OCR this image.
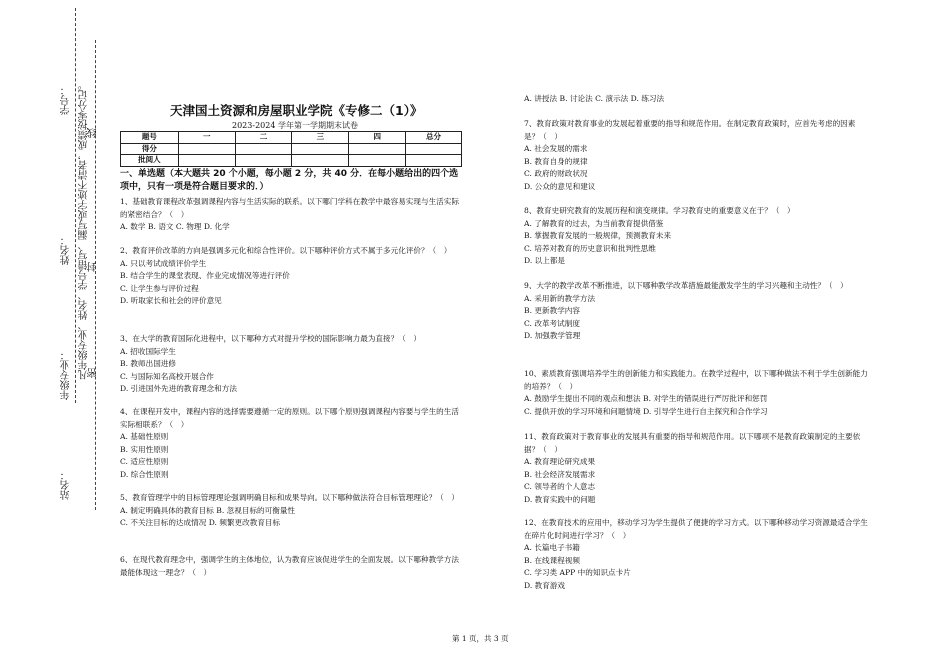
学号：
姓名：
年级专业：
站名：
凡年级专业、姓名、学号错写、漏写或字迹不清者，成绩按零分记。
线
封
密
天津国土资源和房屋职业学院《专修二（1）》
2023-2024 学年第一学期期末试卷
题号	一	二	三	四	总分
得分					
批阅人					
一、单选题（本大题共 20 个小题，每小题 2 分，共 40 分．在每小题给出的四个选项中，只有一项是符合题目要求的．）

1、基础教育课程改革强调课程内容与生活实际的联系。以下哪门学科在教学中最容易实现与生活实际的紧密结合？（　）

A. 数学 B. 语文 C. 物理 D. 化学

2、教育评价改革的方向是强调多元化和综合性评价。以下哪种评价方式不属于多元化评价？（　）

A. 只以考试成绩评价学生

B. 结合学生的课堂表现、作业完成情况等进行评价

C. 让学生参与评价过程

D. 听取家长和社会的评价意见

3、在大学的教育国际化进程中，以下哪种方式对提升学校的国际影响力最为直接？（　）

A. 招收国际学生

B. 教师出国进修

C. 与国际知名高校开展合作

D. 引进国外先进的教育理念和方法

4、在课程开发中，课程内容的选择需要遵循一定的原则。以下哪个原则强调课程内容要与学生的生活实际相联系？（　）

A. 基础性原则

B. 实用性原则

C. 适应性原则

D. 综合性原则

5、教育管理学中的目标管理理论强调明确目标和成果导向。以下哪种做法符合目标管理理论？（　）

A. 制定明确具体的教育目标 B. 忽视目标的可衡量性

C. 不关注目标的达成情况 D. 频繁更改教育目标

6、在现代教育理念中，强调学生的主体地位，认为教育应该促进学生的全面发展。以下哪种教学方法最能体现这一理念？（　）

A. 讲授法 B. 讨论法 C. 演示法 D. 练习法

7、教育政策对教育事业的发展起着重要的指导和规范作用。在制定教育政策时，应首先考虑的因素是？（　）

A. 社会发展的需求

B. 教育自身的规律

C. 政府的财政状况

D. 公众的意见和建议

8、教育史研究教育的发展历程和演变规律。学习教育史的重要意义在于？（　）

A. 了解教育的过去，为当前教育提供借鉴

B. 掌握教育发展的一般规律，预测教育未来

C. 培养对教育的历史意识和批判性思维

D. 以上都是

9、大学的教学改革不断推进，以下哪种教学改革措施最能激发学生的学习兴趣和主动性？（　）

A. 采用新的教学方法

B. 更新教学内容

C. 改革考试制度

D. 加强教学管理

10、素质教育强调培养学生的创新能力和实践能力。在教学过程中，以下哪种做法不利于学生创新能力的培养？（　）

A. 鼓励学生提出不同的观点和想法 B. 对学生的错误进行严厉批评和惩罚

C. 提供开放的学习环境和问题情境 D. 引导学生进行自主探究和合作学习

11、教育政策对于教育事业的发展具有重要的指导和规范作用。以下哪项不是教育政策制定的主要依据？（　）

A. 教育理论研究成果

B. 社会经济发展需求

C. 领导者的个人意志

D. 教育实践中的问题

12、在教育技术的应用中，移动学习为学生提供了便捷的学习方式。以下哪种移动学习资源最适合学生在碎片化时间进行学习？（　）

A. 长篇电子书籍

B. 在线课程视频

C. 学习类 APP 中的知识点卡片

D. 教育游戏

第 1 页，共 3 页
